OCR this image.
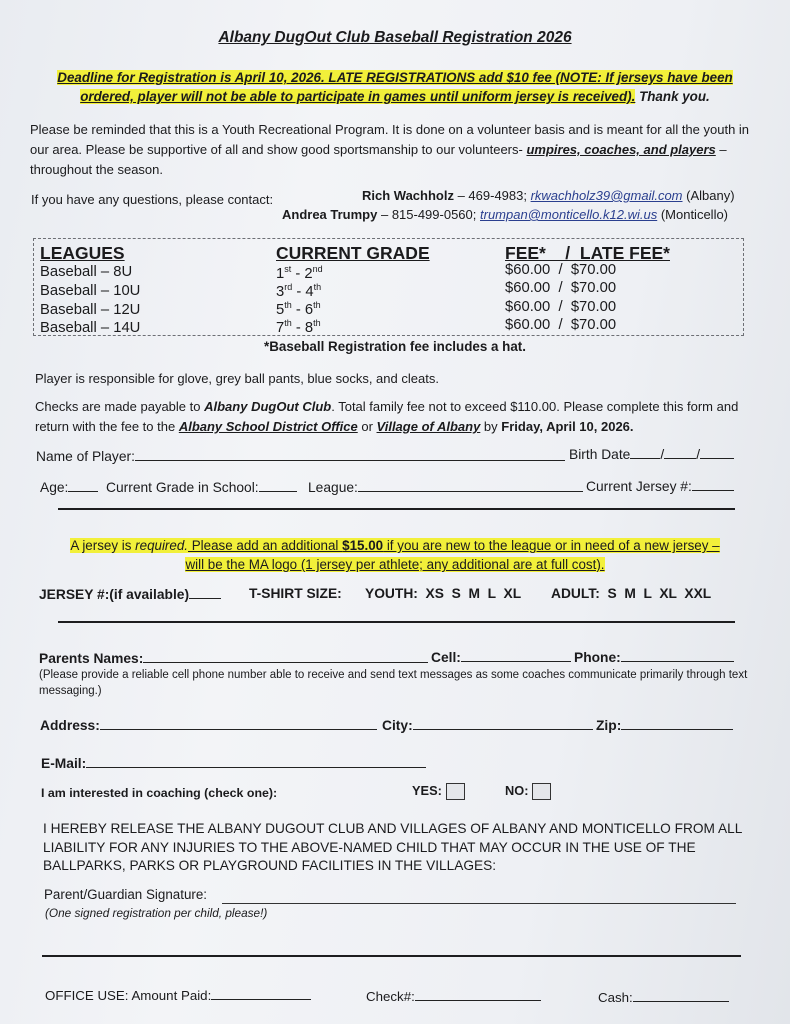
Albany DugOut Club Baseball Registration 2026
Deadline for Registration is April 10, 2026. LATE REGISTRATIONS add $10 fee (NOTE: If jerseys have been
ordered, player will not be able to participate in games until uniform jersey is received). Thank you.
Please be reminded that this is a Youth Recreational Program. It is done on a volunteer basis and is meant for all the youth in our area. Please be supportive of all and show good sportsmanship to our volunteers- umpires, coaches, and players – throughout the season.
If you have any questions, please contact:	Rich Wachholz – 469-4983; rkwachholz39@gmail.com (Albany)
Andrea Trumpy – 815-499-0560; trumpan@monticello.k12.wi.us (Monticello)
LEAGUES	CURRENT GRADE	FEE*    /  LATE FEE*
Baseball – 8U	1st - 2nd	$60.00  /  $70.00
Baseball – 10U	3rd - 4th	$60.00  /  $70.00
Baseball – 12U	5th - 6th	$60.00  /  $70.00
Baseball – 14U	7th - 8th	$60.00  /  $70.00
*Baseball Registration fee includes a hat.
Player is responsible for glove, grey ball pants, blue socks, and cleats.
Checks are made payable to Albany DugOut Club. Total family fee not to exceed $110.00. Please complete this form and return with the fee to the Albany School District Office or Village of Albany by Friday, April 10, 2026.
Name of Player:	Birth Date / /
Age:	Current Grade in School:	League:	Current Jersey #:
A jersey is required. Please add an additional $15.00 if you are new to the league or in need of a new jersey –
will be the MA logo (1 jersey per athlete; any additional are at full cost).
JERSEY #:(if available)	T-SHIRT SIZE: YOUTH:  XS  S  M  L  XL ADULT:  S  M  L  XL  XXL
Parents Names:	Cell:	Phone:
(Please provide a reliable cell phone number able to receive and send text messages as some coaches communicate primarily through text messaging.)
Address:	City:	Zip:
E-Mail:
I am interested in coaching (check one):	YES:	NO:
I HEREBY RELEASE THE ALBANY DUGOUT CLUB AND VILLAGES OF ALBANY AND MONTICELLO FROM ALL LIABILITY FOR ANY INJURIES TO THE ABOVE-NAMED CHILD THAT MAY OCCUR IN THE USE OF THE BALLPARKS, PARKS OR PLAYGROUND FACILITIES IN THE VILLAGES:
Parent/Guardian Signature:
(One signed registration per child, please!)
OFFICE USE: Amount Paid:	Check#:	Cash:
